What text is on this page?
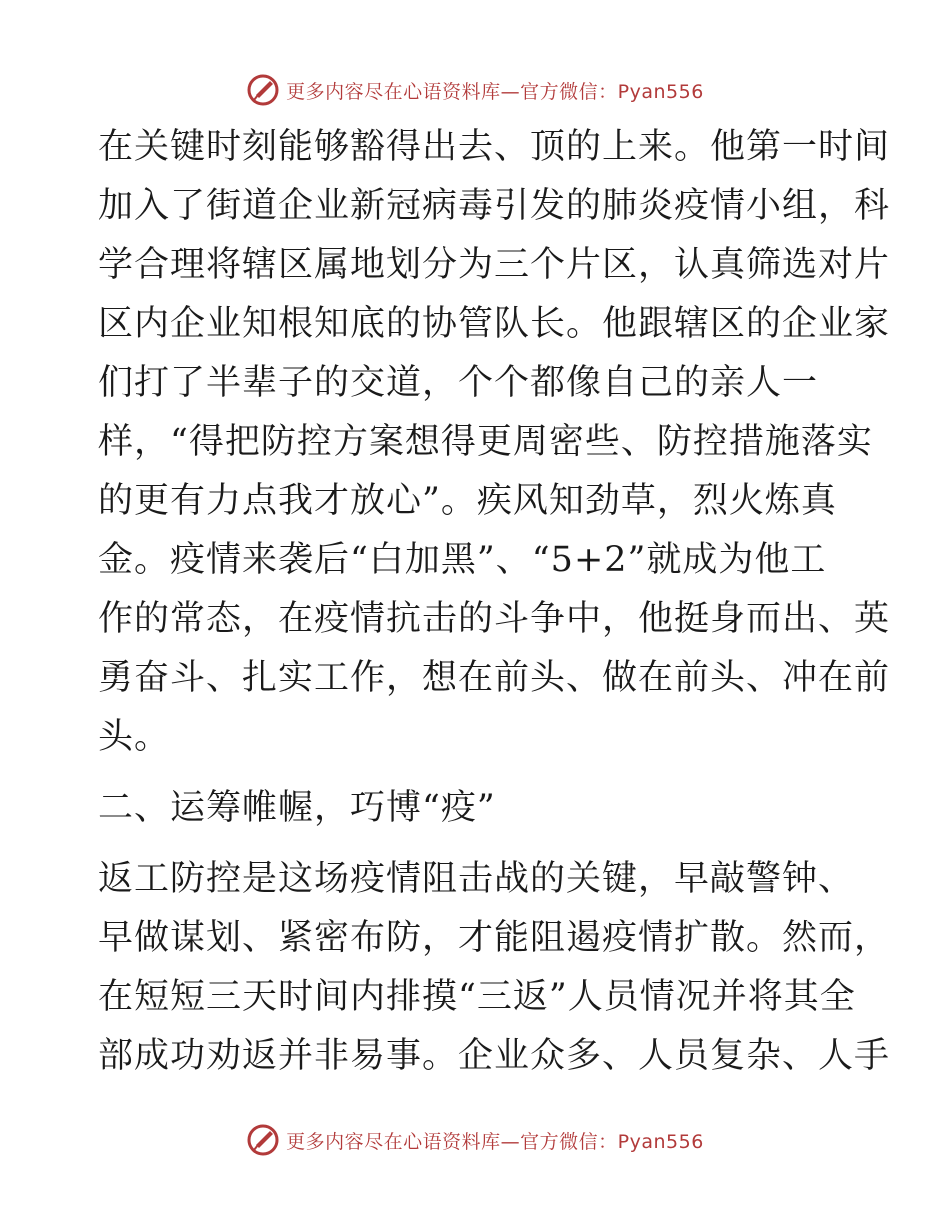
更多内容尽在心语资料库—官方微信：Pyan556
在关键时刻能够豁得出去、顶的上来。他第一时间
加入了街道企业新冠病毒引发的肺炎疫情小组，科
学合理将辖区属地划分为三个片区，认真筛选对片
区内企业知根知底的协管队长。他跟辖区的企业家
们打了半辈子的交道，个个都像自己的亲人一
样，“得把防控方案想得更周密些、防控措施落实
的更有力点我才放心”。疾风知劲草，烈火炼真
金。疫情来袭后“白加黑”、“5+2”就成为他工
作的常态，在疫情抗击的斗争中，他挺身而出、英
勇奋斗、扎实工作，想在前头、做在前头、冲在前
头。
二、运筹帷幄，巧博“疫”
返工防控是这场疫情阻击战的关键，早敲警钟、
早做谋划、紧密布防，才能阻遏疫情扩散。然而，
在短短三天时间内排摸“三返”人员情况并将其全
部成功劝返并非易事。企业众多、人员复杂、人手
更多内容尽在心语资料库—官方微信：Pyan556
